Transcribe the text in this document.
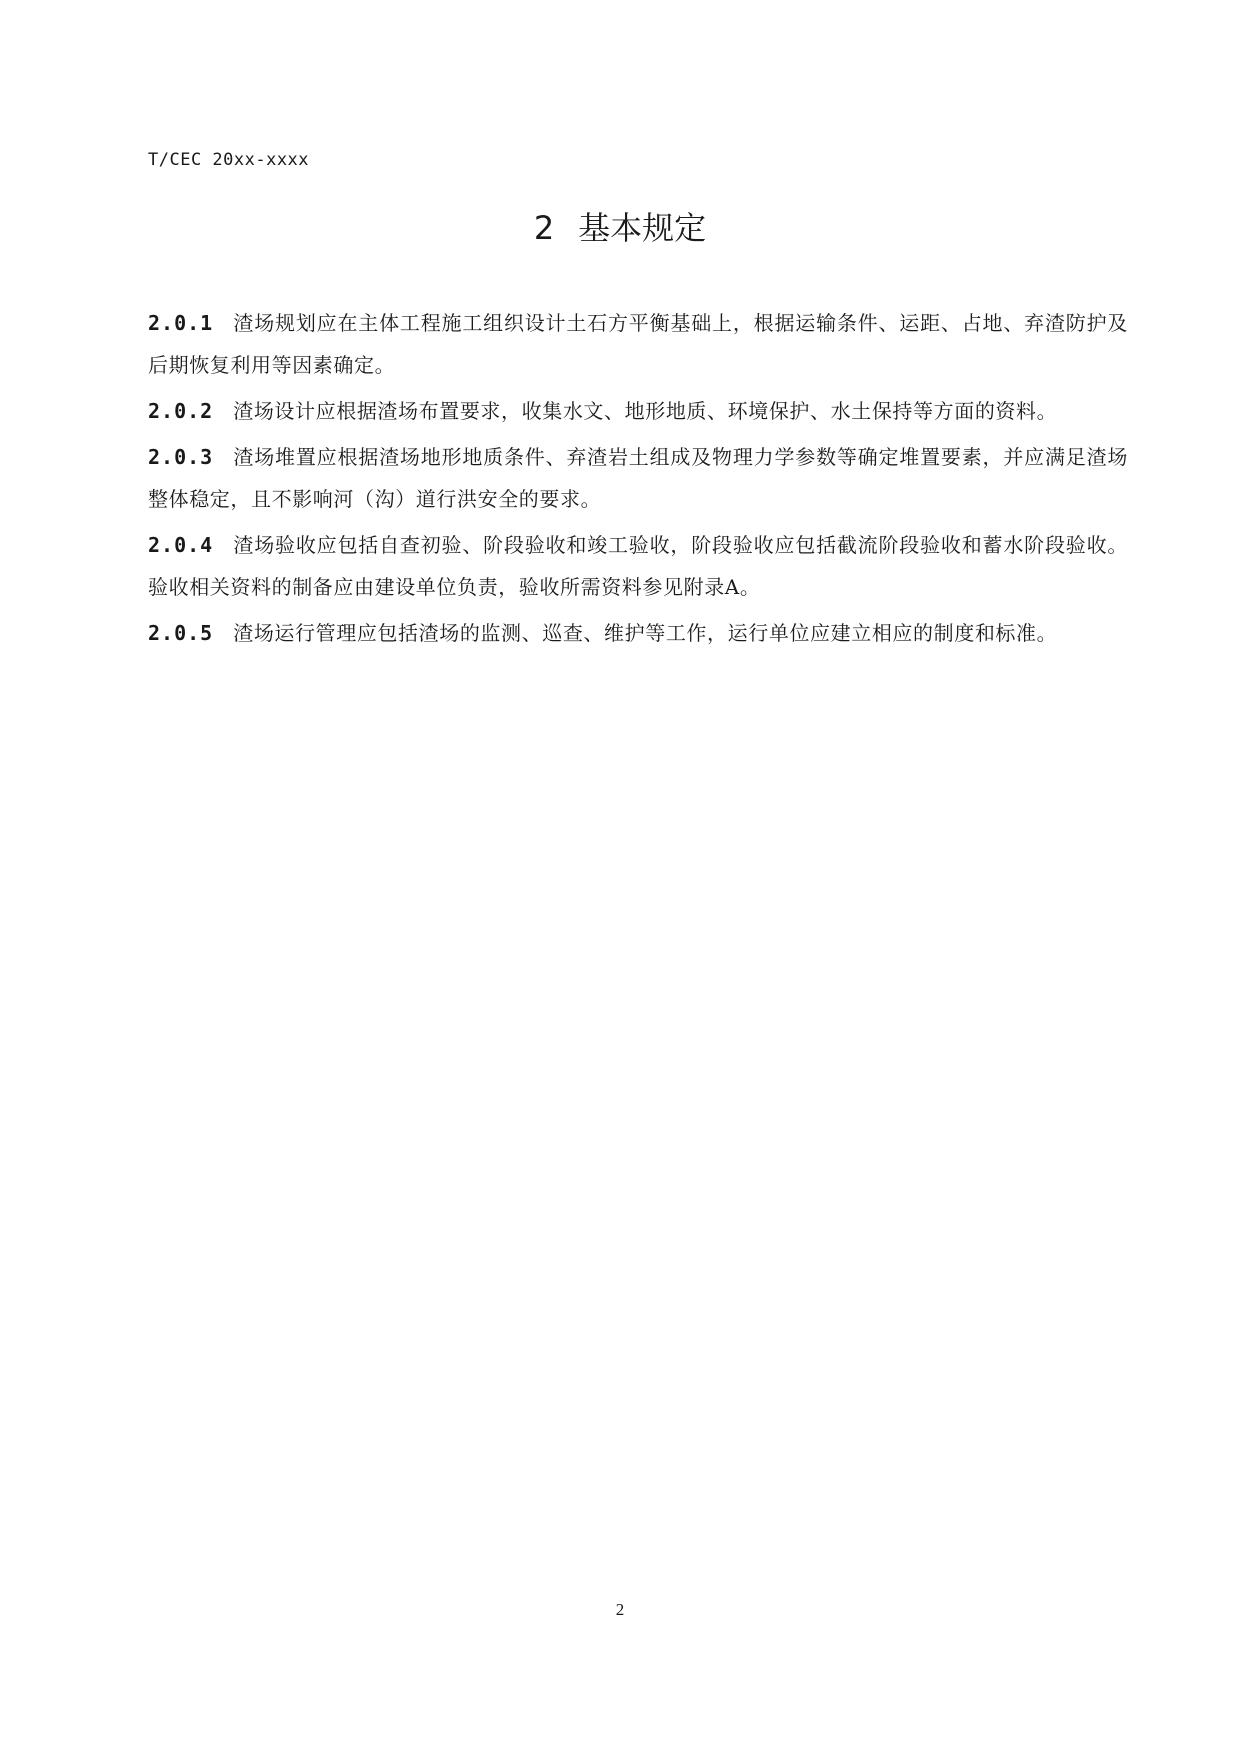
T/CEC 20xx-xxxx
2 基本规定

2.0.1 渣场规划应在主体工程施工组织设计土石方平衡基础上，根据运输条件、运距、占地、弃渣防护及后期恢复利用等因素确定。

2.0.2 渣场设计应根据渣场布置要求，收集水文、地形地质、环境保护、水土保持等方面的资料。

2.0.3 渣场堆置应根据渣场地形地质条件、弃渣岩土组成及物理力学参数等确定堆置要素，并应满足渣场整体稳定，且不影响河（沟）道行洪安全的要求。

2.0.4 渣场验收应包括自查初验、阶段验收和竣工验收，阶段验收应包括截流阶段验收和蓄水阶段验收。验收相关资料的制备应由建设单位负责，验收所需资料参见附录A。

2.0.5 渣场运行管理应包括渣场的监测、巡查、维护等工作，运行单位应建立相应的制度和标准。

2
